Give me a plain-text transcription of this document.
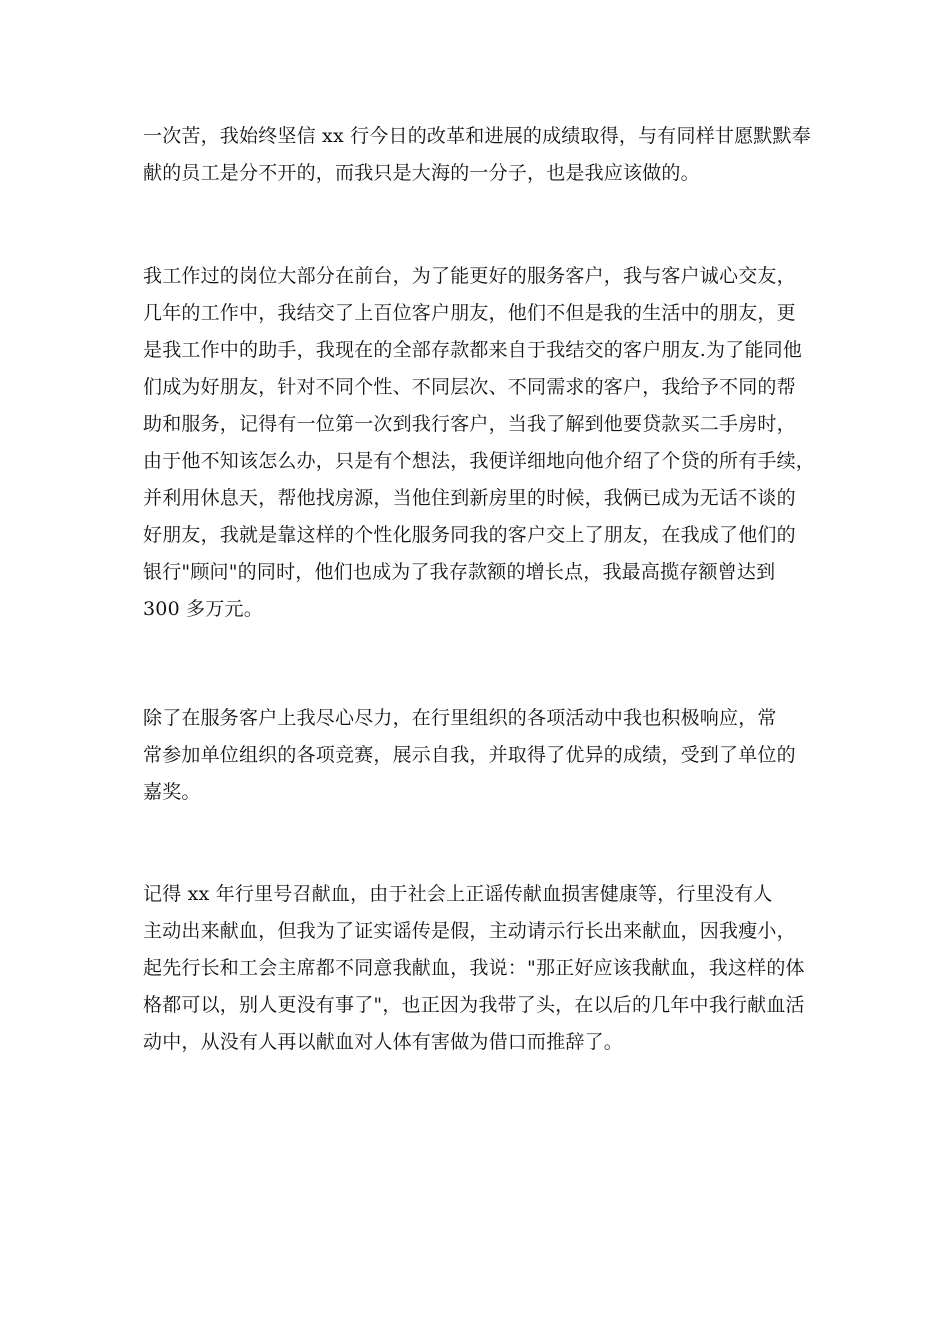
一次苦，我始终坚信 xx 行今日的改革和进展的成绩取得，与有同样甘愿默默奉
献的员工是分不开的，而我只是大海的一分子，也是我应该做的。
我工作过的岗位大部分在前台，为了能更好的服务客户，我与客户诚心交友，
几年的工作中，我结交了上百位客户朋友，他们不但是我的生活中的朋友，更
是我工作中的助手，我现在的全部存款都来自于我结交的客户朋友.为了能同他
们成为好朋友，针对不同个性、不同层次、不同需求的客户，我给予不同的帮
助和服务，记得有一位第一次到我行客户，当我了解到他要贷款买二手房时，
由于他不知该怎么办，只是有个想法，我便详细地向他介绍了个贷的所有手续，
并利用休息天，帮他找房源，当他住到新房里的时候，我俩已成为无话不谈的
好朋友，我就是靠这样的个性化服务同我的客户交上了朋友，在我成了他们的
银行"顾问"的同时，他们也成为了我存款额的增长点，我最高揽存额曾达到
300 多万元。
除了在服务客户上我尽心尽力，在行里组织的各项活动中我也积极响应，常
常参加单位组织的各项竞赛，展示自我，并取得了优异的成绩，受到了单位的
嘉奖。
记得 xx 年行里号召献血，由于社会上正谣传献血损害健康等，行里没有人
主动出来献血，但我为了证实谣传是假，主动请示行长出来献血，因我瘦小，
起先行长和工会主席都不同意我献血，我说："那正好应该我献血，我这样的体
格都可以，别人更没有事了"，也正因为我带了头，在以后的几年中我行献血活
动中，从没有人再以献血对人体有害做为借口而推辞了。
